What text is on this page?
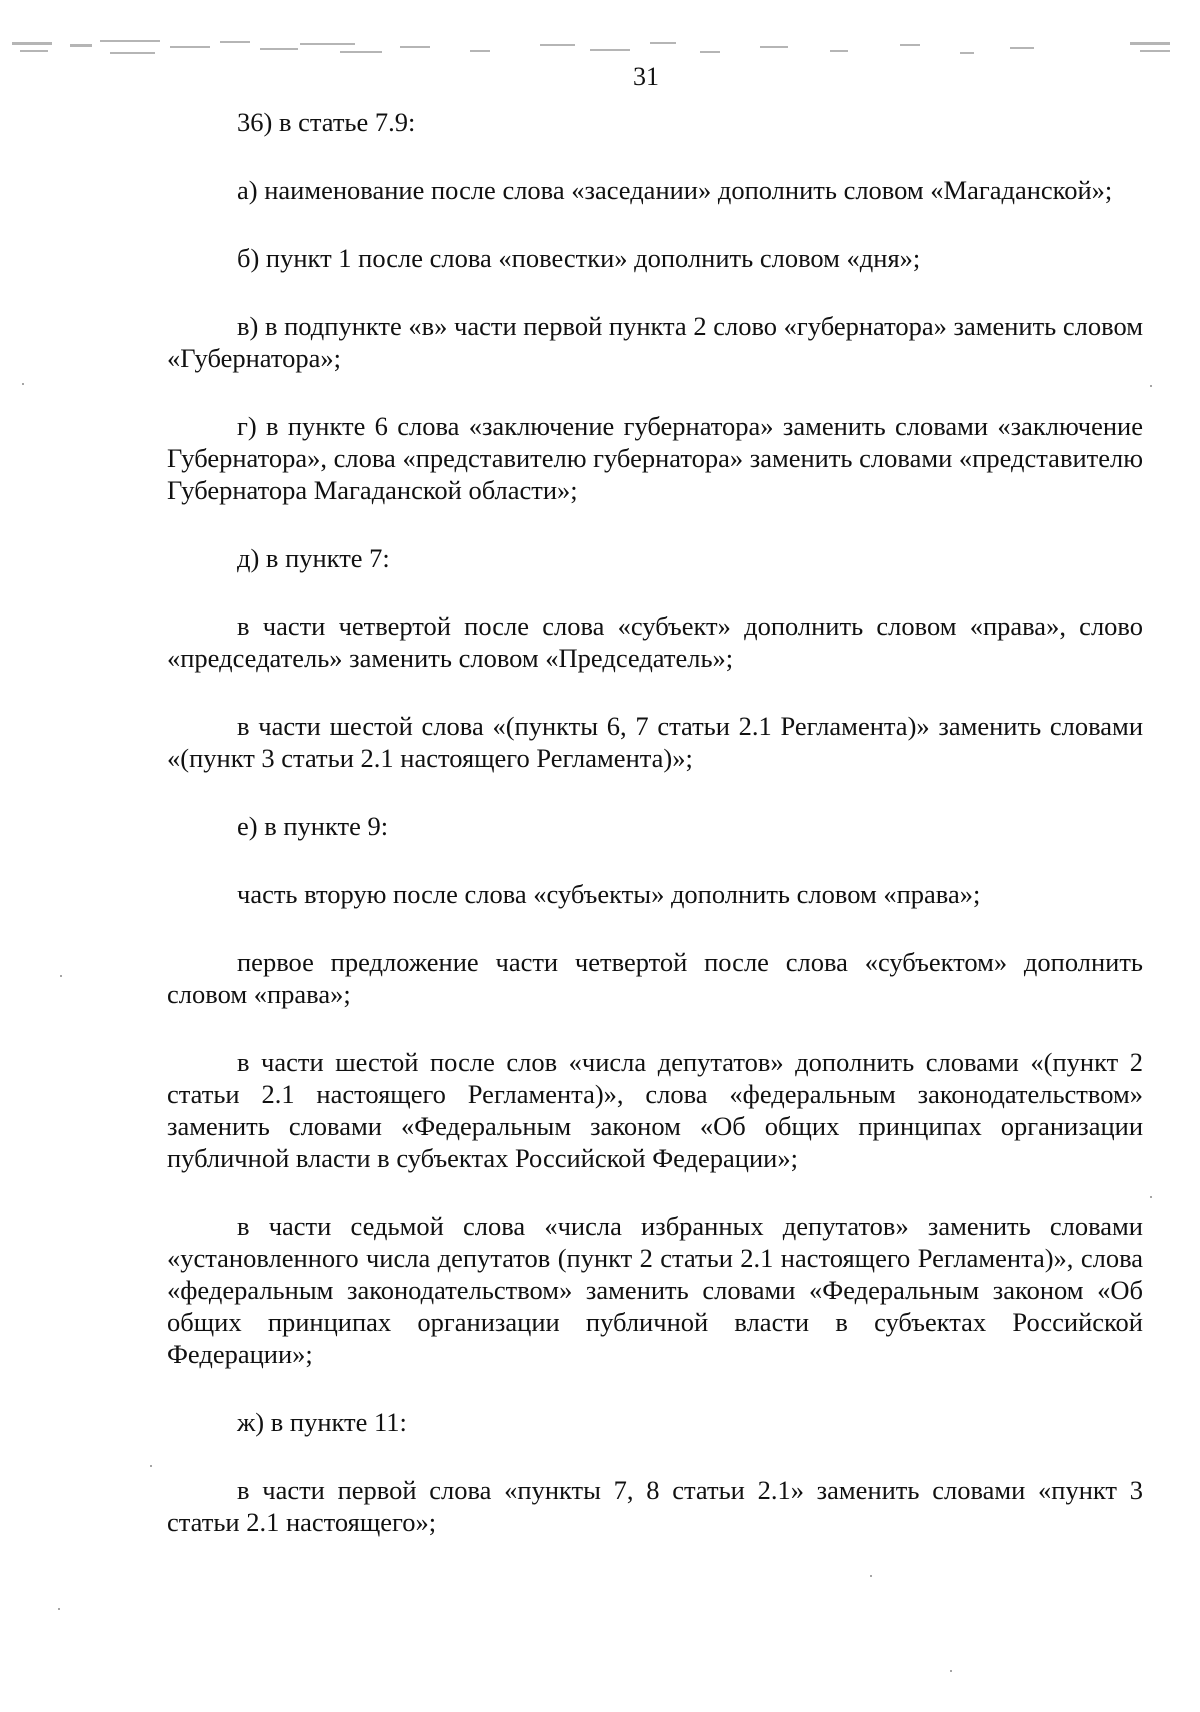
31

36) в статье 7.9:

а) наименование после слова «заседании» дополнить словом «Магаданской»;

б) пункт 1 после слова «повестки» дополнить словом «дня»;

в) в подпункте «в» части первой пункта 2 слово «губернатора» заменить словом «Губернатора»;

г) в пункте 6 слова «заключение губернатора» заменить словами «заключение Губернатора», слова «представителю губернатора» заменить словами «представителю Губернатора Магаданской области»;

д) в пункте 7:

в части четвертой после слова «субъект» дополнить словом «права», слово «председатель» заменить словом «Председатель»;

в части шестой слова «(пункты 6, 7 статьи 2.1 Регламента)» заменить словами «(пункт 3 статьи 2.1 настоящего Регламента)»;

е) в пункте 9:

часть вторую после слова «субъекты» дополнить словом «права»;

первое предложение части четвертой после слова «субъектом» дополнить словом «права»;

в части шестой после слов «числа депутатов» дополнить словами «(пункт 2 статьи 2.1 настоящего Регламента)», слова «федеральным законодательством» заменить словами «Федеральным законом «Об общих принципах организации публичной власти в субъектах Российской Федерации»;

в части седьмой слова «числа избранных депутатов» заменить словами «установленного числа депутатов (пункт 2 статьи 2.1 настоящего Регламента)», слова «федеральным законодательством» заменить словами «Федеральным законом «Об общих принципах организации публичной власти в субъектах Российской Федерации»;

ж) в пункте 11:

в части первой слова «пункты 7, 8 статьи 2.1» заменить словами «пункт 3 статьи 2.1 настоящего»;
